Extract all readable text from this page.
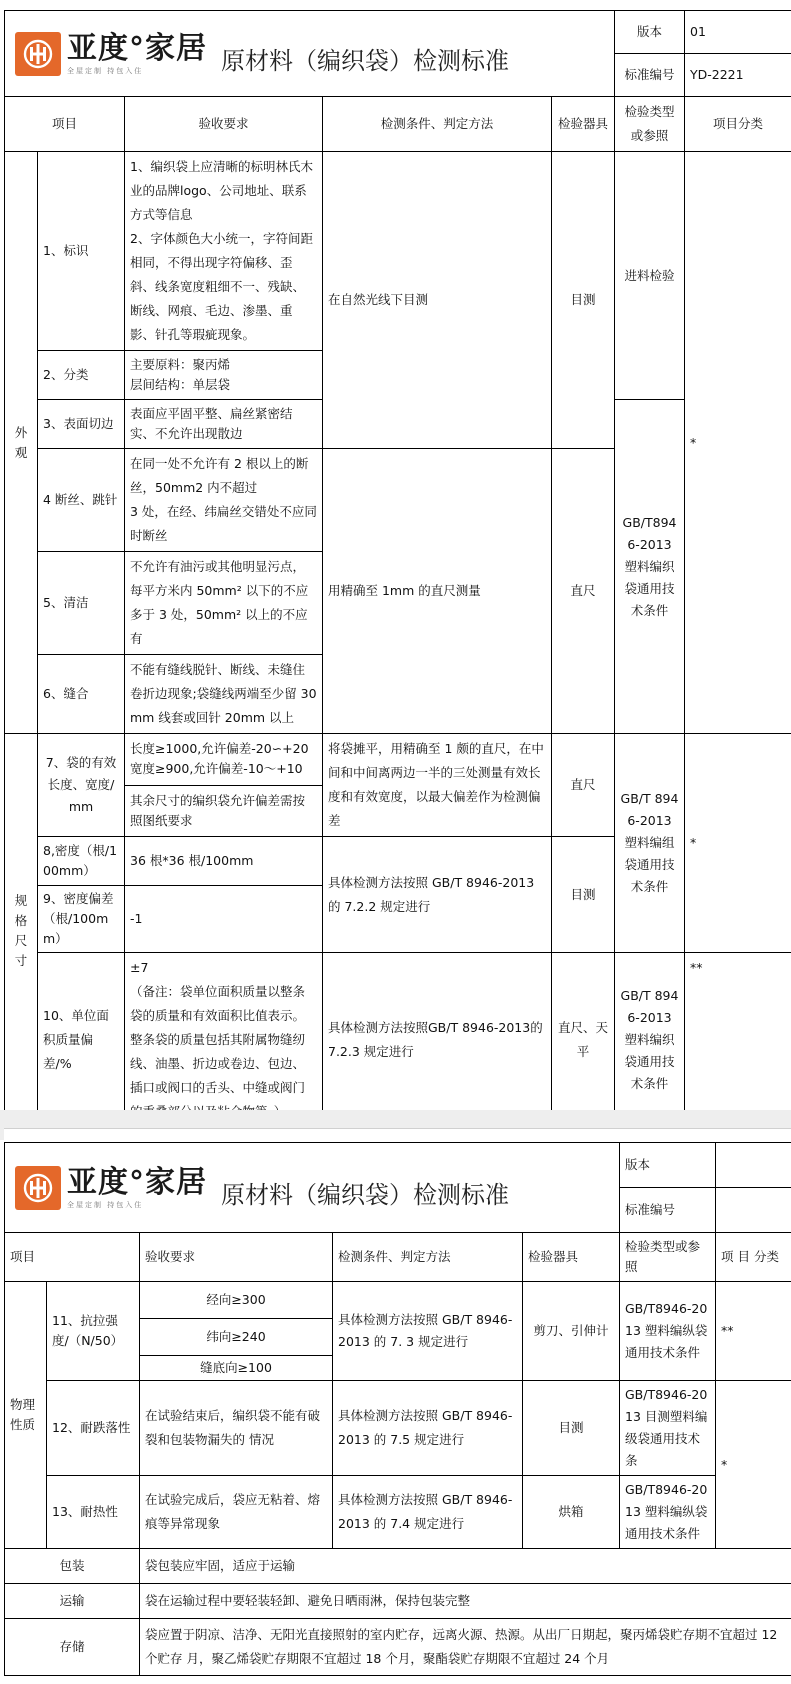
亚度°家居
全屋定制 持包入住 原材料（编织袋）检测标准					版本	01
					标准编号	YD-2221
项目		验收要求	检测条件、判定方法	检验器具	检验类型或参照	项目分类
外观	1、标识	1、编织袋上应清晰的标明林氏木业的品牌logo、公司地址、联系方式等信息
2、字体颜色大小统一，字符间距相同，不得出现字符偏移、歪斜、线条宽度粗细不一、残缺、断线、网痕、毛边、渗墨、重影、针孔等瑕疵现象。	在自然光线下目测	目测	进料检验	*
	2、分类	主要原料：聚丙烯
层间结构：单层袋				
	3、表面切边	表面应平固平整、扁丝紧密结实、不允许出现散边			GB/T8946-2013 塑料编织袋通用技术条件	
	4 断丝、跳针	在同一处不允许有 2 根以上的断丝，50mm2 内不超过
3 处，在经、纬扁丝交错处不应同时断丝	用精确至 1mm 的直尺测量	直尺		
	5、清洁	不允许有油污或其他明显污点，每平方米内 50mm² 以下的不应多于 3 处，50mm² 以上的不应有				
	6、缝合	不能有缝线脱针、断线、未缝住卷折边现象;袋缝线两端至少留 30mm 线套或回针 20mm 以上				
规格尺寸	7、袋的有效长度、宽度/mm	长度≥1000,允许偏差-20∽+20
宽度≥900,允许偏差-10～+10	将袋摊平，用精确至 1 颇的直尺，在中间和中间离两边一半的三处测量有效长度和有效宽度，以最大偏差作为检测偏差	直尺	GB/T 8946-2013 塑料编组袋通用技术条件	*
		其余尺寸的编织袋允许偏差需按照图纸要求				
	8,密度（根/100mm）	36 根*36 根/100mm	具体检测方法按照 GB/T 8946-2013 的 7.2.2 规定进行	目测		
	9、密度偏差（根/100mm）	-1				
	10、单位面积质量偏差/%	±7
（备注：袋单位面积质量以整条袋的质量和有效面积比值表示。整条袋的质量包括其附属物缝纫线、油墨、折边或卷边、包边、插口或阀口的舌头、中缝或阀门	具体检测方法按照GB/T 8946-2013的 7.2.3 规定进行	直尺、天平	GB/T 8946-2013 塑料编织袋通用技术条件	**
亚度°家居
全屋定制 持包入住 原材料（编织袋）检测标准					版本	
					标准编号	
项目		验收要求	检测条件、判定方法	检验器具	检验类型或参照	项 目 分类
物理性质	11、抗拉强度/（N/50）	经向≥300	具体检测方法按照 GB/T 8946-2013 的 7. 3 规定进行	剪刀、引伸计	GB/T8946-2013 塑料编纵袋通用技术条件	**
		纬向≥240				
		缝底向≥100				
	12、耐跌落性	在试验结束后，编织袋不能有破裂和包装物漏失的 情况	具体检测方法按照 GB/T 8946-2013 的 7.5 规定进行	目测	GB/T8946-2013 目测塑料编级袋通用技术条	*
	13、耐热性	在试验完成后，袋应无粘着、熔痕等异常现象	具体检测方法按照 GB/T 8946-2013 的 7.4 规定进行	烘箱	GB/T8946-2013 塑料编纵袋通用技术条件	
包装		袋包装应牢固，适应于运输				
运输		袋在运输过程中要轻装轻卸、避免日晒雨淋，保持包装完整				
存储		袋应置于阴凉、洁净、无阳光直接照射的室内贮存，远离火源、热源。从出厂日期起，聚丙烯袋贮存期不宜超过 12 个贮存 月，聚乙烯袋贮存期限不宜超过 18 个月，聚酯袋贮存期限不宜超过 24 个月				
